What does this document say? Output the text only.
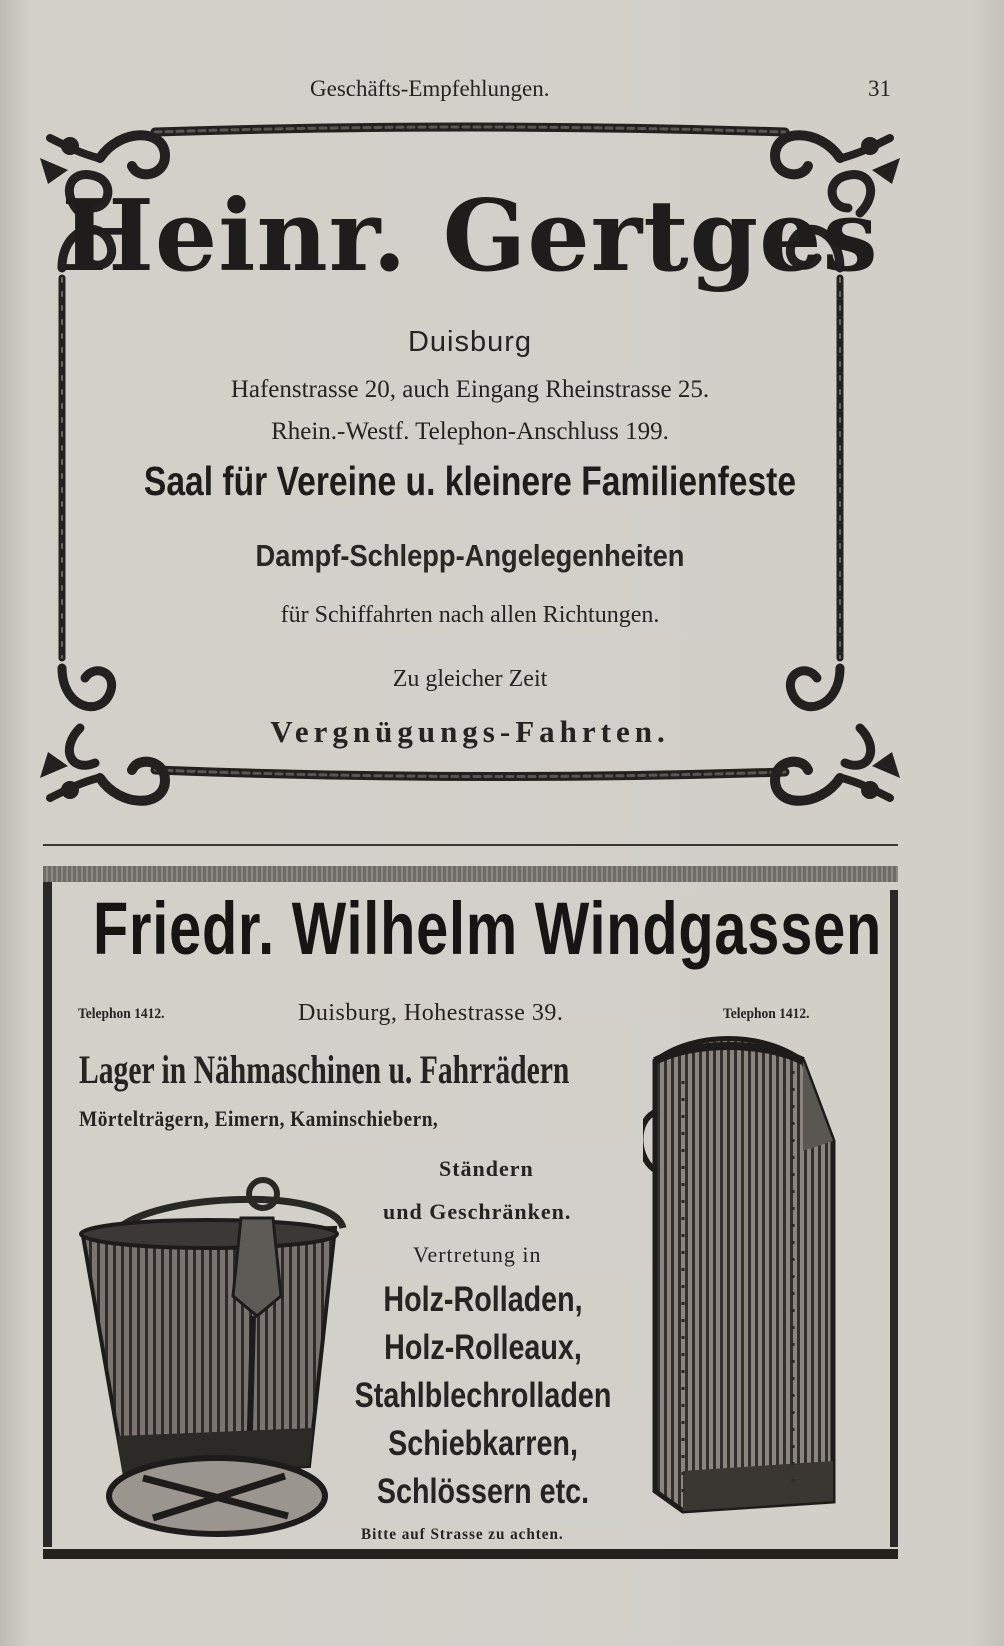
Geschäfts-Empfehlungen.	31
Heinr. Gertges
Duisburg
Hafenstrasse 20, auch Eingang Rheinstrasse 25.
Rhein.-Westf. Telephon-Anschluss 199.
Saal für Vereine u. kleinere Familienfeste
Dampf-Schlepp-Angelegenheiten
für Schiffahrten nach allen Richtungen.
Zu gleicher Zeit
Vergnügungs-Fahrten.
Friedr. Wilhelm Windgassen
Telephon 1412.	Duisburg, Hohestrasse 39.	Telephon 1412.
Lager in Nähmaschinen u. Fahrrädern
Mörtelträgern, Eimern, Kaminschiebern,
Ständern
und Geschränken.
Vertretung in
Holz-Rolladen,
Holz-Rolleaux,
Stahlblechrolladen
Schiebkarren,
Schlössern etc.
Bitte auf Strasse zu achten.
